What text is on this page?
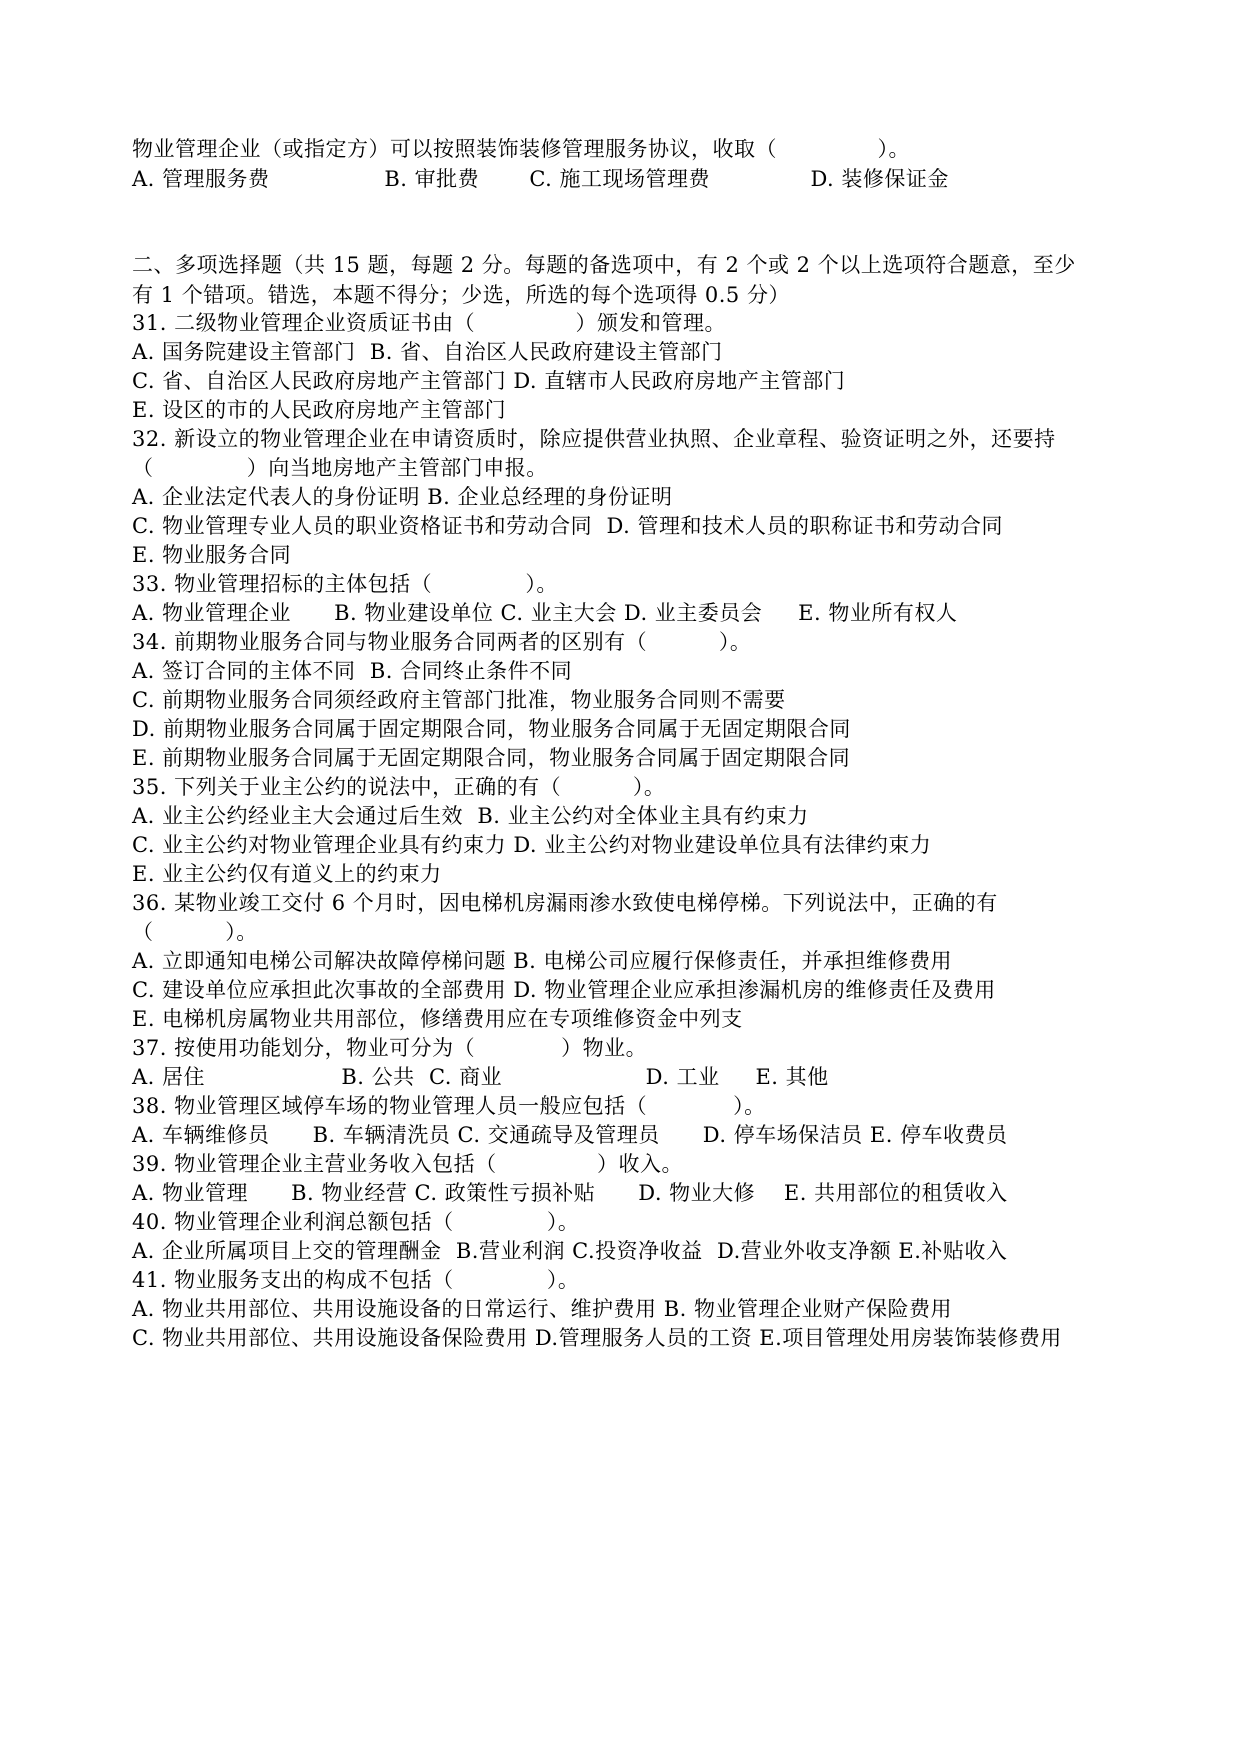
物业管理企业（或指定方）可以按照装饰装修管理服务协议，收取（              ）。
A. 管理服务费                B. 审批费       C. 施工现场管理费              D. 装修保证金
二、多项选择题（共 15 题，每题 2 分。每题的备选项中，有 2 个或 2 个以上选项符合题意，至少
有 1 个错项。错选，本题不得分；少选，所选的每个选项得 0.5 分）
31. 二级物业管理企业资质证书由（              ）颁发和管理。
A. 国务院建设主管部门  B. 省、自治区人民政府建设主管部门
C. 省、自治区人民政府房地产主管部门 D. 直辖市人民政府房地产主管部门
E. 设区的市的人民政府房地产主管部门
32. 新设立的物业管理企业在申请资质时，除应提供营业执照、企业章程、验资证明之外，还要持
（             ）向当地房地产主管部门申报。
A. 企业法定代表人的身份证明 B. 企业总经理的身份证明
C. 物业管理专业人员的职业资格证书和劳动合同  D. 管理和技术人员的职称证书和劳动合同
E. 物业服务合同
33. 物业管理招标的主体包括（             ）。
A. 物业管理企业      B. 物业建设单位 C. 业主大会 D. 业主委员会     E. 物业所有权人
34. 前期物业服务合同与物业服务合同两者的区别有（          ）。
A. 签订合同的主体不同  B. 合同终止条件不同
C. 前期物业服务合同须经政府主管部门批准，物业服务合同则不需要
D. 前期物业服务合同属于固定期限合同，物业服务合同属于无固定期限合同
E. 前期物业服务合同属于无固定期限合同，物业服务合同属于固定期限合同
35. 下列关于业主公约的说法中，正确的有（          ）。
A. 业主公约经业主大会通过后生效  B. 业主公约对全体业主具有约束力
C. 业主公约对物业管理企业具有约束力 D. 业主公约对物业建设单位具有法律约束力
E. 业主公约仅有道义上的约束力
36. 某物业竣工交付 6 个月时，因电梯机房漏雨渗水致使电梯停梯。下列说法中，正确的有
（          ）。
A. 立即通知电梯公司解决故障停梯问题 B. 电梯公司应履行保修责任，并承担维修费用
C. 建设单位应承担此次事故的全部费用 D. 物业管理企业应承担渗漏机房的维修责任及费用
E. 电梯机房属物业共用部位，修缮费用应在专项维修资金中列支
37. 按使用功能划分，物业可分为（            ）物业。
A. 居住                   B. 公共  C. 商业                    D. 工业     E. 其他
38. 物业管理区域停车场的物业管理人员一般应包括（            ）。
A. 车辆维修员      B. 车辆清洗员 C. 交通疏导及管理员      D. 停车场保洁员 E. 停车收费员
39. 物业管理企业主营业务收入包括（              ）收入。
A. 物业管理      B. 物业经营 C. 政策性亏损补贴      D. 物业大修    E. 共用部位的租赁收入
40. 物业管理企业利润总额包括（             ）。
A. 企业所属项目上交的管理酬金  B.营业利润 C.投资净收益  D.营业外收支净额 E.补贴收入
41. 物业服务支出的构成不包括（             ）。
A. 物业共用部位、共用设施设备的日常运行、维护费用 B. 物业管理企业财产保险费用
C. 物业共用部位、共用设施设备保险费用 D.管理服务人员的工资 E.项目管理处用房装饰装修费用
